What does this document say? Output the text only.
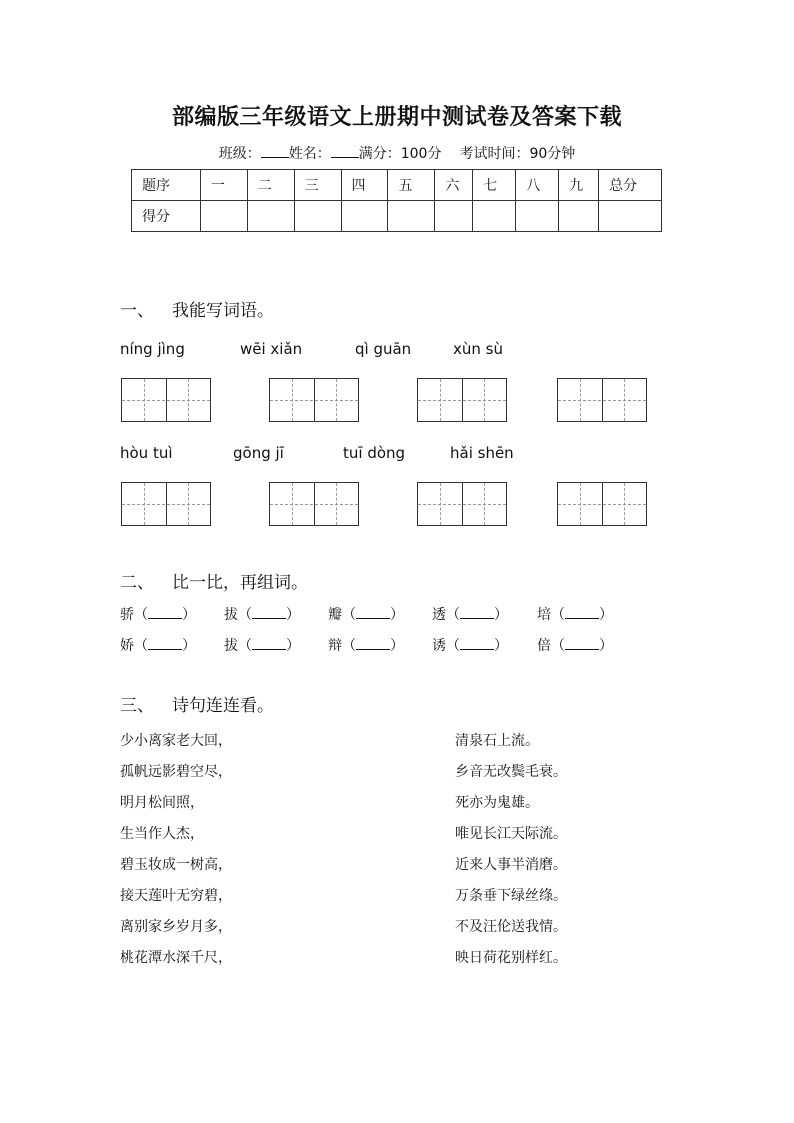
部编版三年级语文上册期中测试卷及答案下载
班级： 姓名： 满分：100分 考试时间：90分钟
题序	一	二	三	四	五	六	七	八	九	总分
得分										
一、 我能写词语。
níng jìng	wēi xiǎn	qì guān	xùn sù
hòu tuì	gōng jī	tuī dòng	hǎi shēn
二、 比一比，再组词。
骄（ ） 拔（ ） 瓣（ ） 透（ ） 培（ ）
娇（ ） 拔（ ） 辩（ ） 诱（ ） 倍（ ）
三、 诗句连连看。
少小离家老大回，
孤帆远影碧空尽，
明月松间照，
生当作人杰，
碧玉妆成一树高，
接天莲叶无穷碧，
离别家乡岁月多，
桃花潭水深千尺，
清泉石上流。
乡音无改鬓毛衰。
死亦为鬼雄。
唯见长江天际流。
近来人事半消磨。
万条垂下绿丝绦。
不及汪伦送我情。
映日荷花别样红。
